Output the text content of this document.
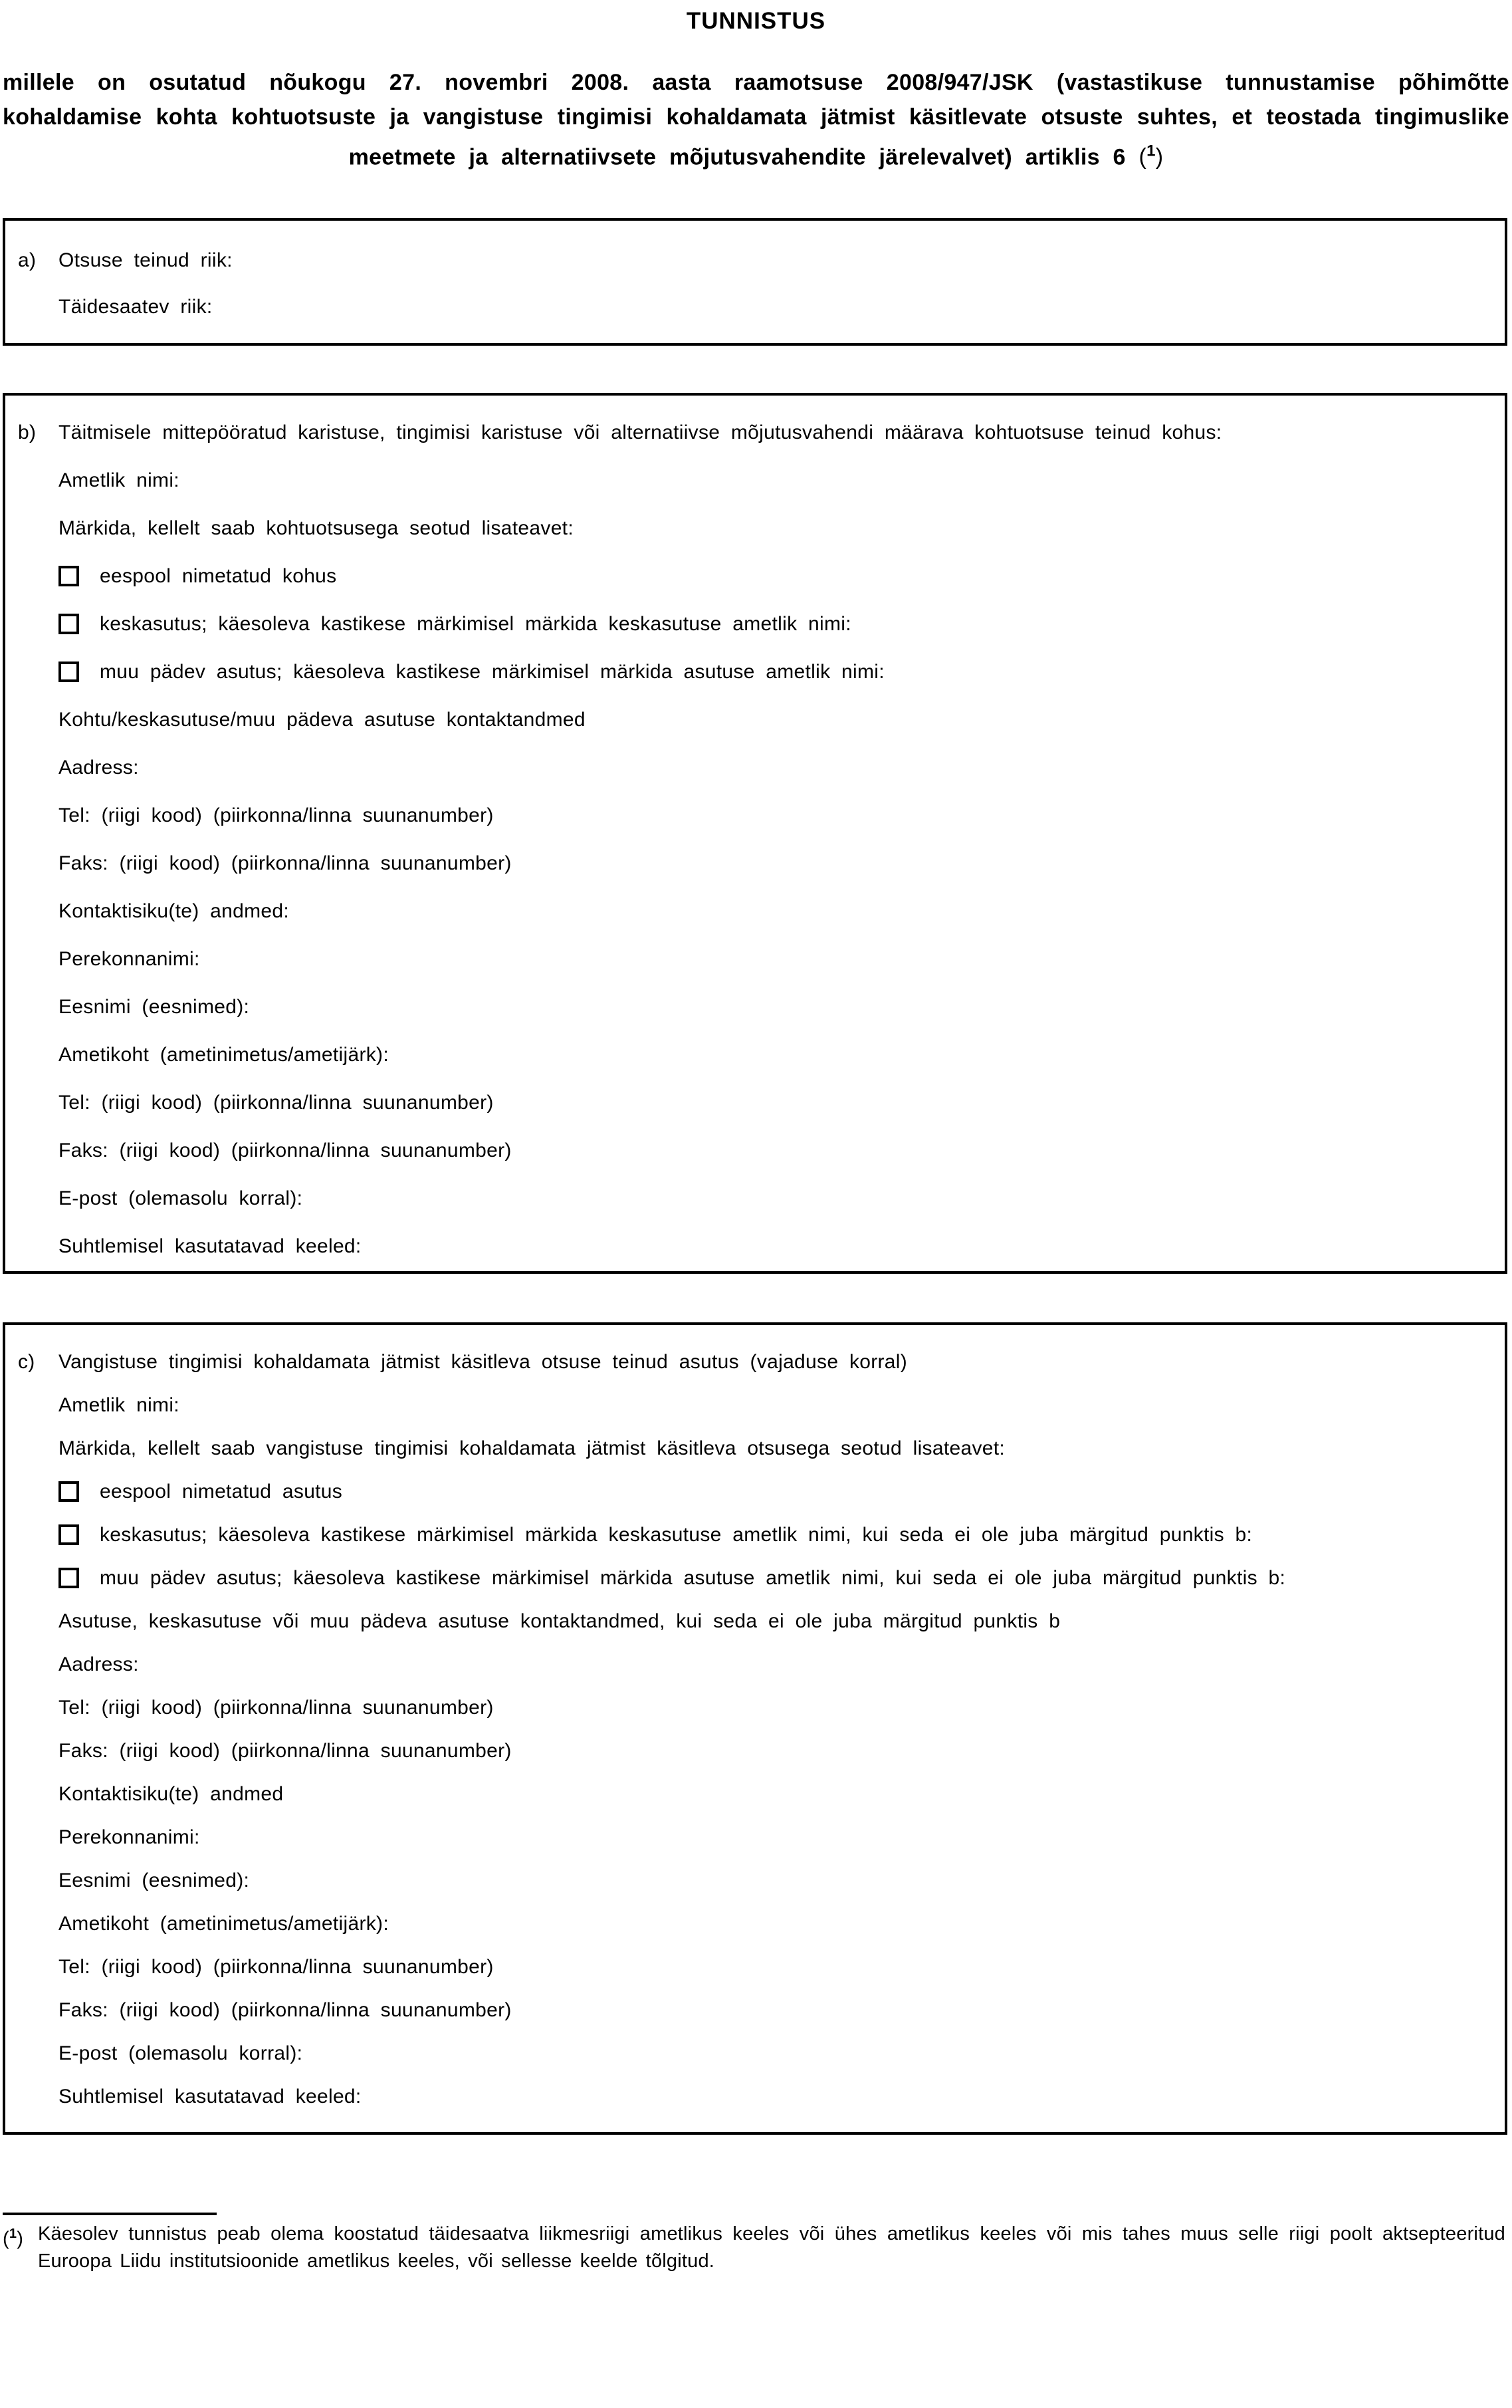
TUNNISTUS

millele on osutatud nõukogu 27. novembri 2008. aasta raamotsuse 2008/947/JSK (vastastikuse tunnustamise põhimõtte kohaldamise kohta kohtuotsuste ja vangistuse tingimisi kohaldamata jätmist käsitlevate otsuste suhtes, et teostada tingimuslike meetmete ja alternatiivsete mõjutusvahendite järelevalvet) artiklis 6 ($^1$)

a) Otsuse teinud riik:

Täidesaatev riik:

b) Täitmisele mittepööratud karistuse, tingimisi karistuse või alternatiivse mõjutusvahendi määrava kohtuotsuse teinud kohus:

Ametlik nimi:

Märkida, kellelt saab kohtuotsusega seotud lisateavet:

eespool nimetatud kohus
keskasutus; käesoleva kastikese märkimisel märkida keskasutuse ametlik nimi:
muu pädev asutus; käesoleva kastikese märkimisel märkida asutuse ametlik nimi:

Kohtu/keskasutuse/muu pädeva asutuse kontaktandmed

Aadress:

Tel: (riigi kood) (piirkonna/linna suunanumber)

Faks: (riigi kood) (piirkonna/linna suunanumber)

Kontaktisiku(te) andmed:

Perekonnanimi:

Eesnimi (eesnimed):

Ametikoht (ametinimetus/ametijärk):

Tel: (riigi kood) (piirkonna/linna suunanumber)

Faks: (riigi kood) (piirkonna/linna suunanumber)

E-post (olemasolu korral):

Suhtlemisel kasutatavad keeled:

c) Vangistuse tingimisi kohaldamata jätmist käsitleva otsuse teinud asutus (vajaduse korral)

Ametlik nimi:

Märkida, kellelt saab vangistuse tingimisi kohaldamata jätmist käsitleva otsusega seotud lisateavet:

eespool nimetatud asutus
keskasutus; käesoleva kastikese märkimisel märkida keskasutuse ametlik nimi, kui seda ei ole juba märgitud punktis b:
muu pädev asutus; käesoleva kastikese märkimisel märkida asutuse ametlik nimi, kui seda ei ole juba märgitud punktis b:

Asutuse, keskasutuse või muu pädeva asutuse kontaktandmed, kui seda ei ole juba märgitud punktis b

Aadress:

Tel: (riigi kood) (piirkonna/linna suunanumber)

Faks: (riigi kood) (piirkonna/linna suunanumber)

Kontaktisiku(te) andmed

Perekonnanimi:

Eesnimi (eesnimed):

Ametikoht (ametinimetus/ametijärk):

Tel: (riigi kood) (piirkonna/linna suunanumber)

Faks: (riigi kood) (piirkonna/linna suunanumber)

E-post (olemasolu korral):

Suhtlemisel kasutatavad keeled:

($^1$) Käesolev tunnistus peab olema koostatud täidesaatva liikmesriigi ametlikus keeles või ühes ametlikus keeles või mis tahes muus selle riigi poolt aktsepteeritud Euroopa Liidu institutsioonide ametlikus keeles, või sellesse keelde tõlgitud.
